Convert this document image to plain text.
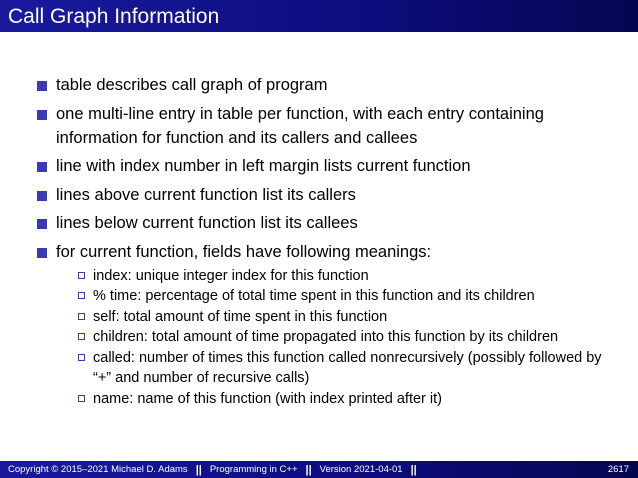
Call Graph Information
table describes call graph of program
one multi-line entry in table per function, with each entry containing information for function and its callers and callees
line with index number in left margin lists current function
lines above current function list its callers
lines below current function list its callees
for current function, fields have following meanings:
index: unique integer index for this function
% time: percentage of total time spent in this function and its children
self: total amount of time spent in this function
children: total amount of time propagated into this function by its children
called: number of times this function called nonrecursively (possibly followed by “+” and number of recursive calls)
name: name of this function (with index printed after it)
Copyright © 2015–2021 Michael D. Adams || Programming in C++ || Version 2021-04-01 ||	2617
